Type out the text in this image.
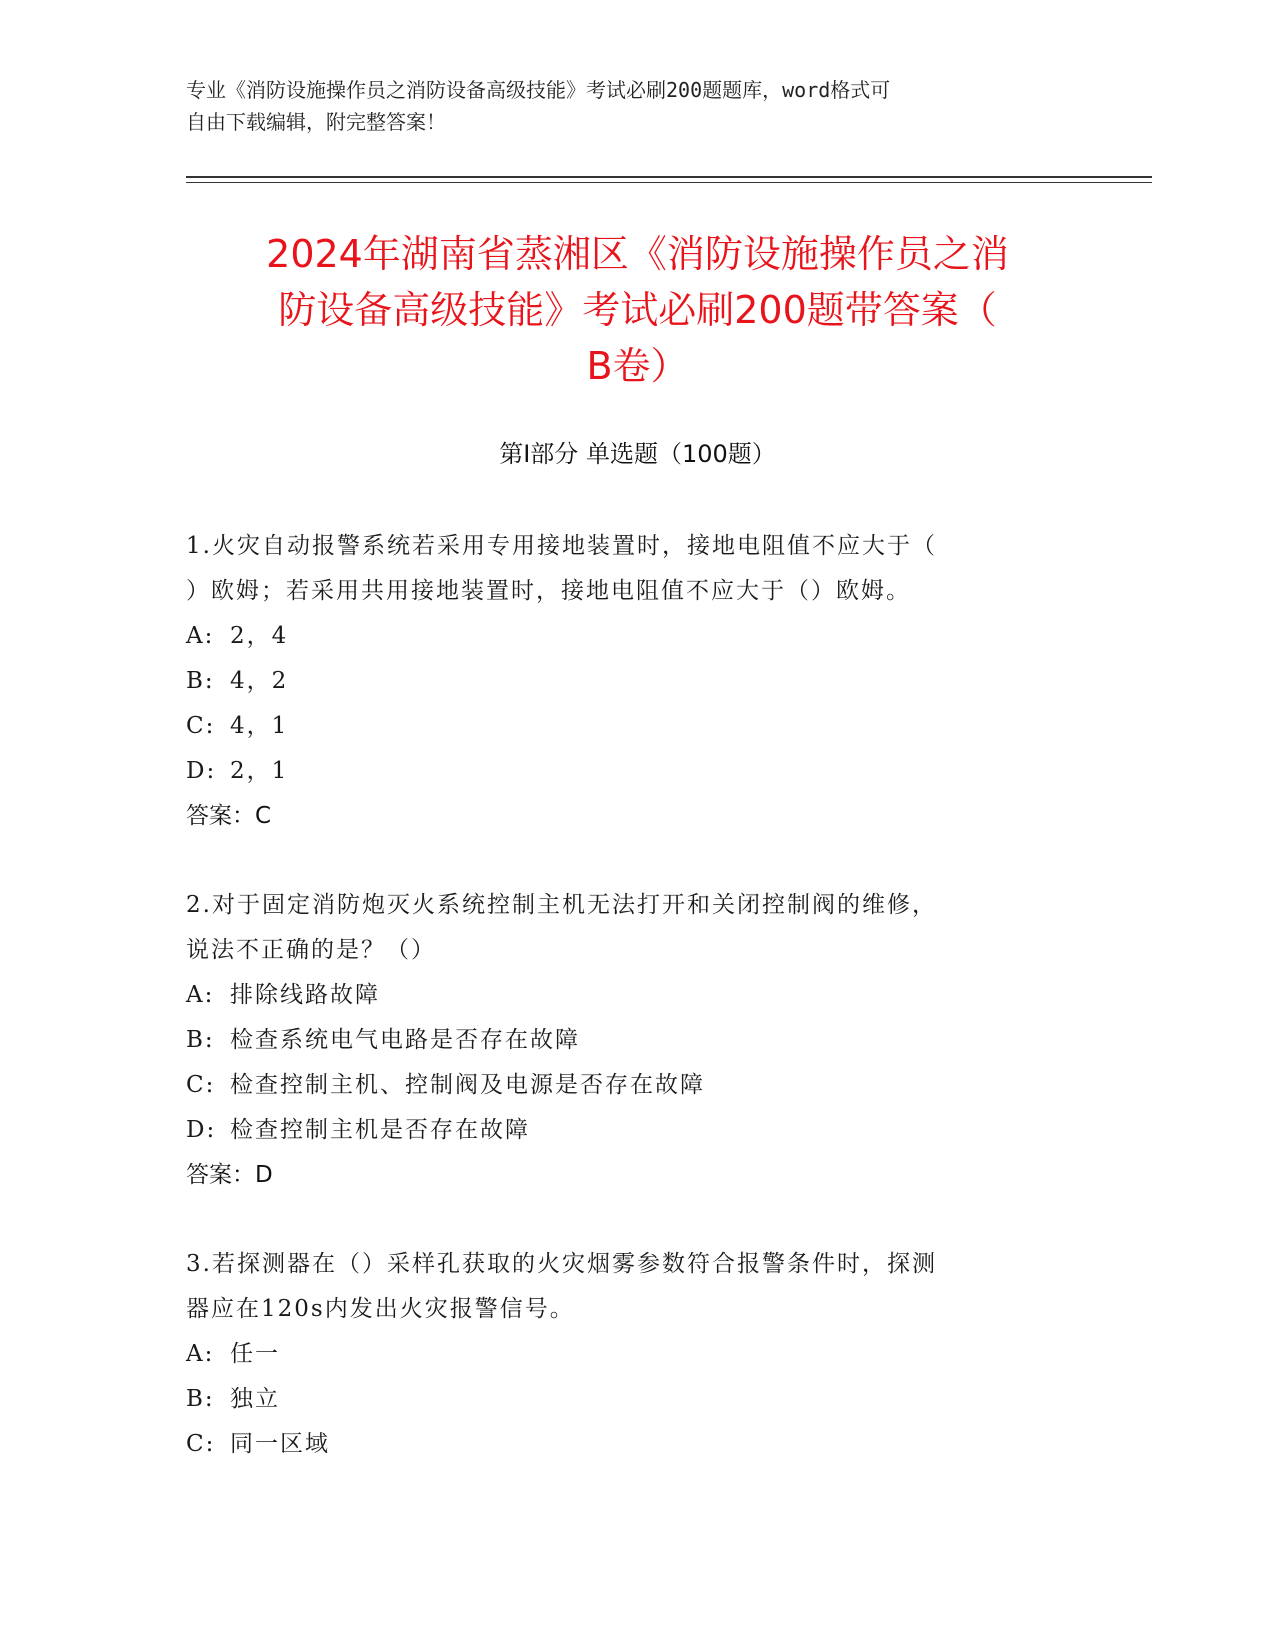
专业《消防设施操作员之消防设备高级技能》考试必刷200题题库，word格式可
自由下载编辑，附完整答案！
2024年湖南省蒸湘区《消防设施操作员之消
防设备高级技能》考试必刷200题带答案（
B卷）
第I部分 单选题（100题）
1.火灾自动报警系统若采用专用接地装置时，接地电阻值不应大于（
）欧姆；若采用共用接地装置时，接地电阻值不应大于（）欧姆。
A: 2，4
B: 4，2
C: 4，1
D: 2，1
答案：C
2.对于固定消防炮灭火系统控制主机无法打开和关闭控制阀的维修，
说法不正确的是？（）
A: 排除线路故障
B: 检查系统电气电路是否存在故障
C: 检查控制主机、控制阀及电源是否存在故障
D: 检查控制主机是否存在故障
答案：D
3.若探测器在（）采样孔获取的火灾烟雾参数符合报警条件时，探测
器应在120s内发出火灾报警信号。
A: 任一
B: 独立
C: 同一区域
